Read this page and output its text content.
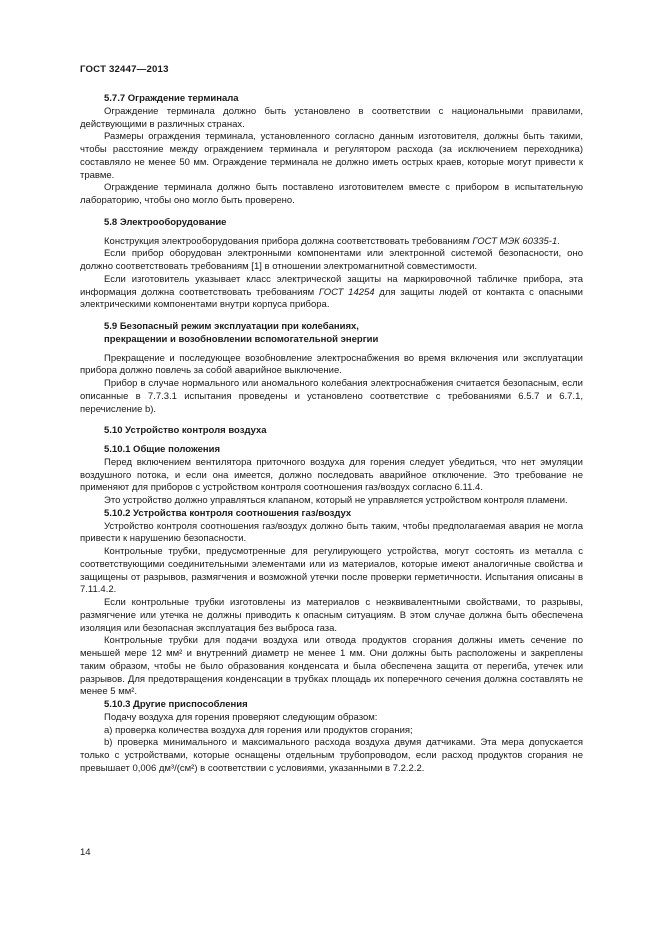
ГОСТ 32447—2013

5.7.7 Ограждение терминала

Ограждение терминала должно быть установлено в соответствии с национальными правилами, действующими в различных странах.

Размеры ограждения терминала, установленного согласно данным изготовителя, должны быть такими, чтобы расстояние между ограждением терминала и регулятором расхода (за исключением переходника) составляло не менее 50 мм. Ограждение терминала не должно иметь острых краев, которые могут привести к травме.

Ограждение терминала должно быть поставлено изготовителем вместе с прибором в испытательную лабораторию, чтобы оно могло быть проверено.

5.8 Электрооборудование

Конструкция электрооборудования прибора должна соответствовать требованиям ГОСТ МЭК 60335-1.

Если прибор оборудован электронными компонентами или электронной системой безопасности, оно должно соответствовать требованиям [1] в отношении электромагнитной совместимости.

Если изготовитель указывает класс электрической защиты на маркировочной табличке прибора, эта информация должна соответствовать требованиям ГОСТ 14254 для защиты людей от контакта с опасными электрическими компонентами внутри корпуса прибора.

5.9 Безопасный режим эксплуатации при колебаниях,

прекращении и возобновлении вспомогательной энергии

Прекращение и последующее возобновление электроснабжения во время включения или эксплуатации прибора должно повлечь за собой аварийное выключение.

Прибор в случае нормального или аномального колебания электроснабжения считается безопасным, если описанные в 7.7.3.1 испытания проведены и установлено соответствие с требованиями 6.5.7 и 6.7.1, перечисление b).

5.10 Устройство контроля воздуха

5.10.1 Общие положения

Перед включением вентилятора приточного воздуха для горения следует убедиться, что нет эмуляции воздушного потока, и если она имеется, должно последовать аварийное отключение. Это требование не применяют для приборов с устройством контроля соотношения газ/воздух согласно 6.11.4.

Это устройство должно управляться клапаном, который не управляется устройством контроля пламени.

5.10.2 Устройства контроля соотношения газ/воздух

Устройство контроля соотношения газ/воздух должно быть таким, чтобы предполагаемая авария не могла привести к нарушению безопасности.

Контрольные трубки, предусмотренные для регулирующего устройства, могут состоять из металла с соответствующими соединительными элементами или из материалов, которые имеют аналогичные свойства и защищены от разрывов, размягчения и возможной утечки после проверки герметичности. Испытания описаны в 7.11.4.2.

Если контрольные трубки изготовлены из материалов с неэквивалентными свойствами, то разрывы, размягчение или утечка не должны приводить к опасным ситуациям. В этом случае должна быть обеспечена изоляция или безопасная эксплуатация без выброса газа.

Контрольные трубки для подачи воздуха или отвода продуктов сгорания должны иметь сечение по меньшей мере 12 мм² и внутренний диаметр не менее 1 мм. Они должны быть расположены и закреплены таким образом, чтобы не было образования конденсата и была обеспечена защита от перегиба, утечек или разрывов. Для предотвращения конденсации в трубках площадь их поперечного сечения должна составлять не менее 5 мм².

5.10.3 Другие приспособления

Подачу воздуха для горения проверяют следующим образом:

a) проверка количества воздуха для горения или продуктов сгорания;

b) проверка минимального и максимального расхода воздуха двумя датчиками. Эта мера допускается только с устройствами, которые оснащены отдельным трубопроводом, если расход продуктов сгорания не превышает 0,006 дм³/(см²) в соответствии с условиями, указанными в 7.2.2.2.

14
